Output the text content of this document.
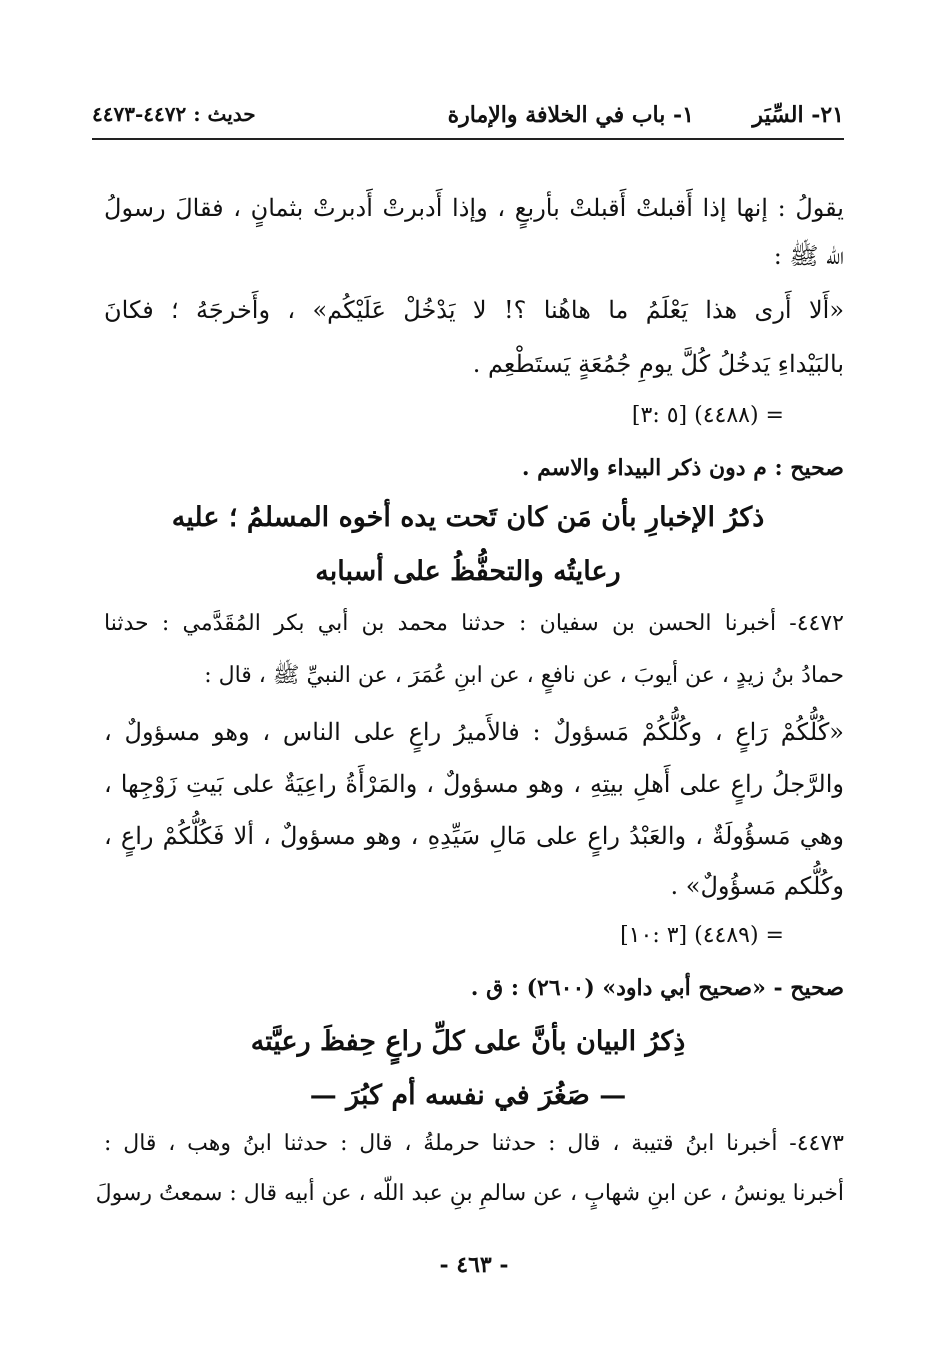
٢١- السِّيَر
١- باب في الخلافة والإمارة
حديث : ٤٤٧٢-٤٤٧٣
يقولُ : إنها إذا أَقبلتْ أَقبلتْ بأربعٍ ، وإذا أَدبرتْ أَدبرتْ بثمانٍ ، فقالَ رسولُ
اللّه ﷺ :
«أَلا أَرى هذا يَعْلَمُ ما هاهُنا ؟! لا يَدْخُلْ عَلَيْكُم» ، وأَخرجَهُ ؛ فكانَ
بالبَيْداءِ يَدخُلُ كُلَّ يومِ جُمُعَةٍ يَستَطْعِم .
= (٤٤٨٨) [٥ :٣]
صحيح : م دون ذكر البيداء والاسم .
ذكرُ الإخبارِ بأن مَن كان تَحت يده أخوه المسلمُ ؛ عليه
رعايتُه والتحفُّظُ على أسبابه
٤٤٧٢- أخبرنا الحسن بن سفيان : حدثنا محمد بن أبي بكر المُقَدَّمي : حدثنا
حمادُ بنُ زيدٍ ، عن أيوبَ ، عن نافعٍ ، عن ابنِ عُمَرَ ، عن النبيِّ ﷺ ، قال :
«كُلُّكُمْ رَاعٍ ، وكُلُّكُمْ مَسؤولٌ : فالأَميرُ راعٍ على الناس ، وهو مسؤولٌ ،
والرَّجلُ راعٍ على أَهلِ بيتِهِ ، وهو مسؤولٌ ، والمَرْأَةُ راعِيَةٌ على بَيتِ زَوْجِها ،
وهي مَسؤُولَةٌ ، والعَبْدُ راعٍ على مَالِ سَيِّدِهِ ، وهو مسؤولٌ ، ألا فَكُلُّكُمْ راعٍ ،
وكُلُّكم مَسؤُولٌ» .
= (٤٤٨٩) [٣ :١٠]
صحيح - «صحيح أبي داود» (٢٦٠٠) : ق .
ذِكرُ البيان بأنَّ على كلِّ راعٍ حِفظَ رعيَّته
— صَغُرَ في نفسه أم كبُرَ —
٤٤٧٣- أخبرنا ابنُ قتيبة ، قال : حدثنا حرملةُ ، قال : حدثنا ابنُ وهب ، قال :
أخبرنا يونسُ ، عن ابنِ شهابٍ ، عن سالمِ بنِ عبد اللّه ، عن أبيه قال : سمعتُ رسولَ
- ٤٦٣ -
